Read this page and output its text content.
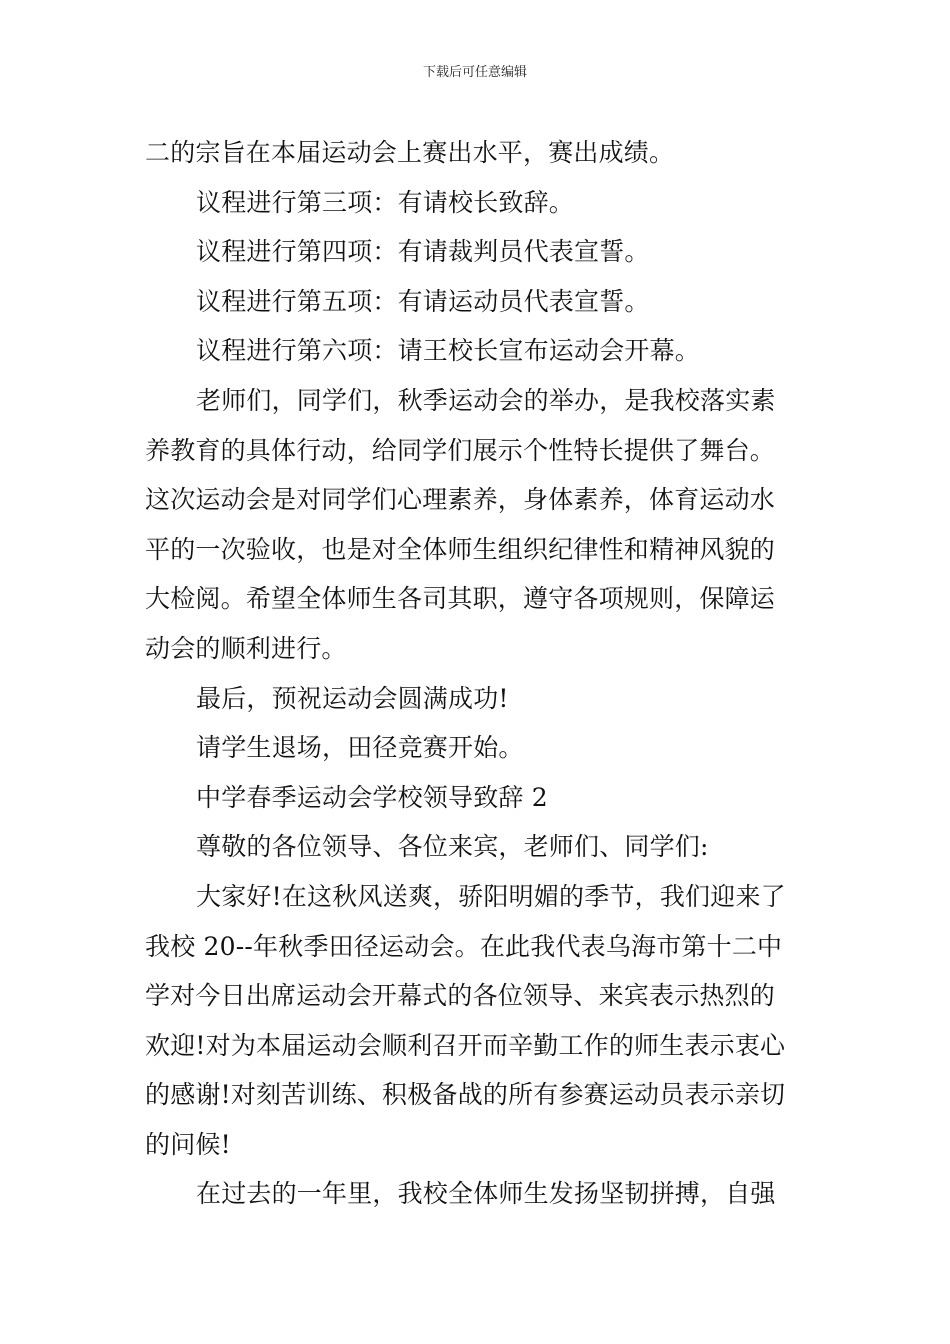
下载后可任意编辑

二的宗旨在本届运动会上赛出水平，赛出成绩。

议程进行第三项：有请校长致辞。

议程进行第四项：有请裁判员代表宣誓。

议程进行第五项：有请运动员代表宣誓。

议程进行第六项：请王校长宣布运动会开幕。

老师们，同学们，秋季运动会的举办，是我校落实素

养教育的具体行动，给同学们展示个性特长提供了舞台。

这次运动会是对同学们心理素养，身体素养，体育运动水

平的一次验收，也是对全体师生组织纪律性和精神风貌的

大检阅。希望全体师生各司其职，遵守各项规则，保障运

动会的顺利进行。

最后，预祝运动会圆满成功!

请学生退场，田径竞赛开始。

中学春季运动会学校领导致辞 2

尊敬的各位领导、各位来宾，老师们、同学们:

大家好!在这秋风送爽，骄阳明媚的季节，我们迎来了

我校 20--年秋季田径运动会。在此我代表乌海市第十二中

学对今日出席运动会开幕式的各位领导、来宾表示热烈的

欢迎!对为本届运动会顺利召开而辛勤工作的师生表示衷心

的感谢!对刻苦训练、积极备战的所有参赛运动员表示亲切

的问候!

在过去的一年里，我校全体师生发扬坚韧拼搏，自强
